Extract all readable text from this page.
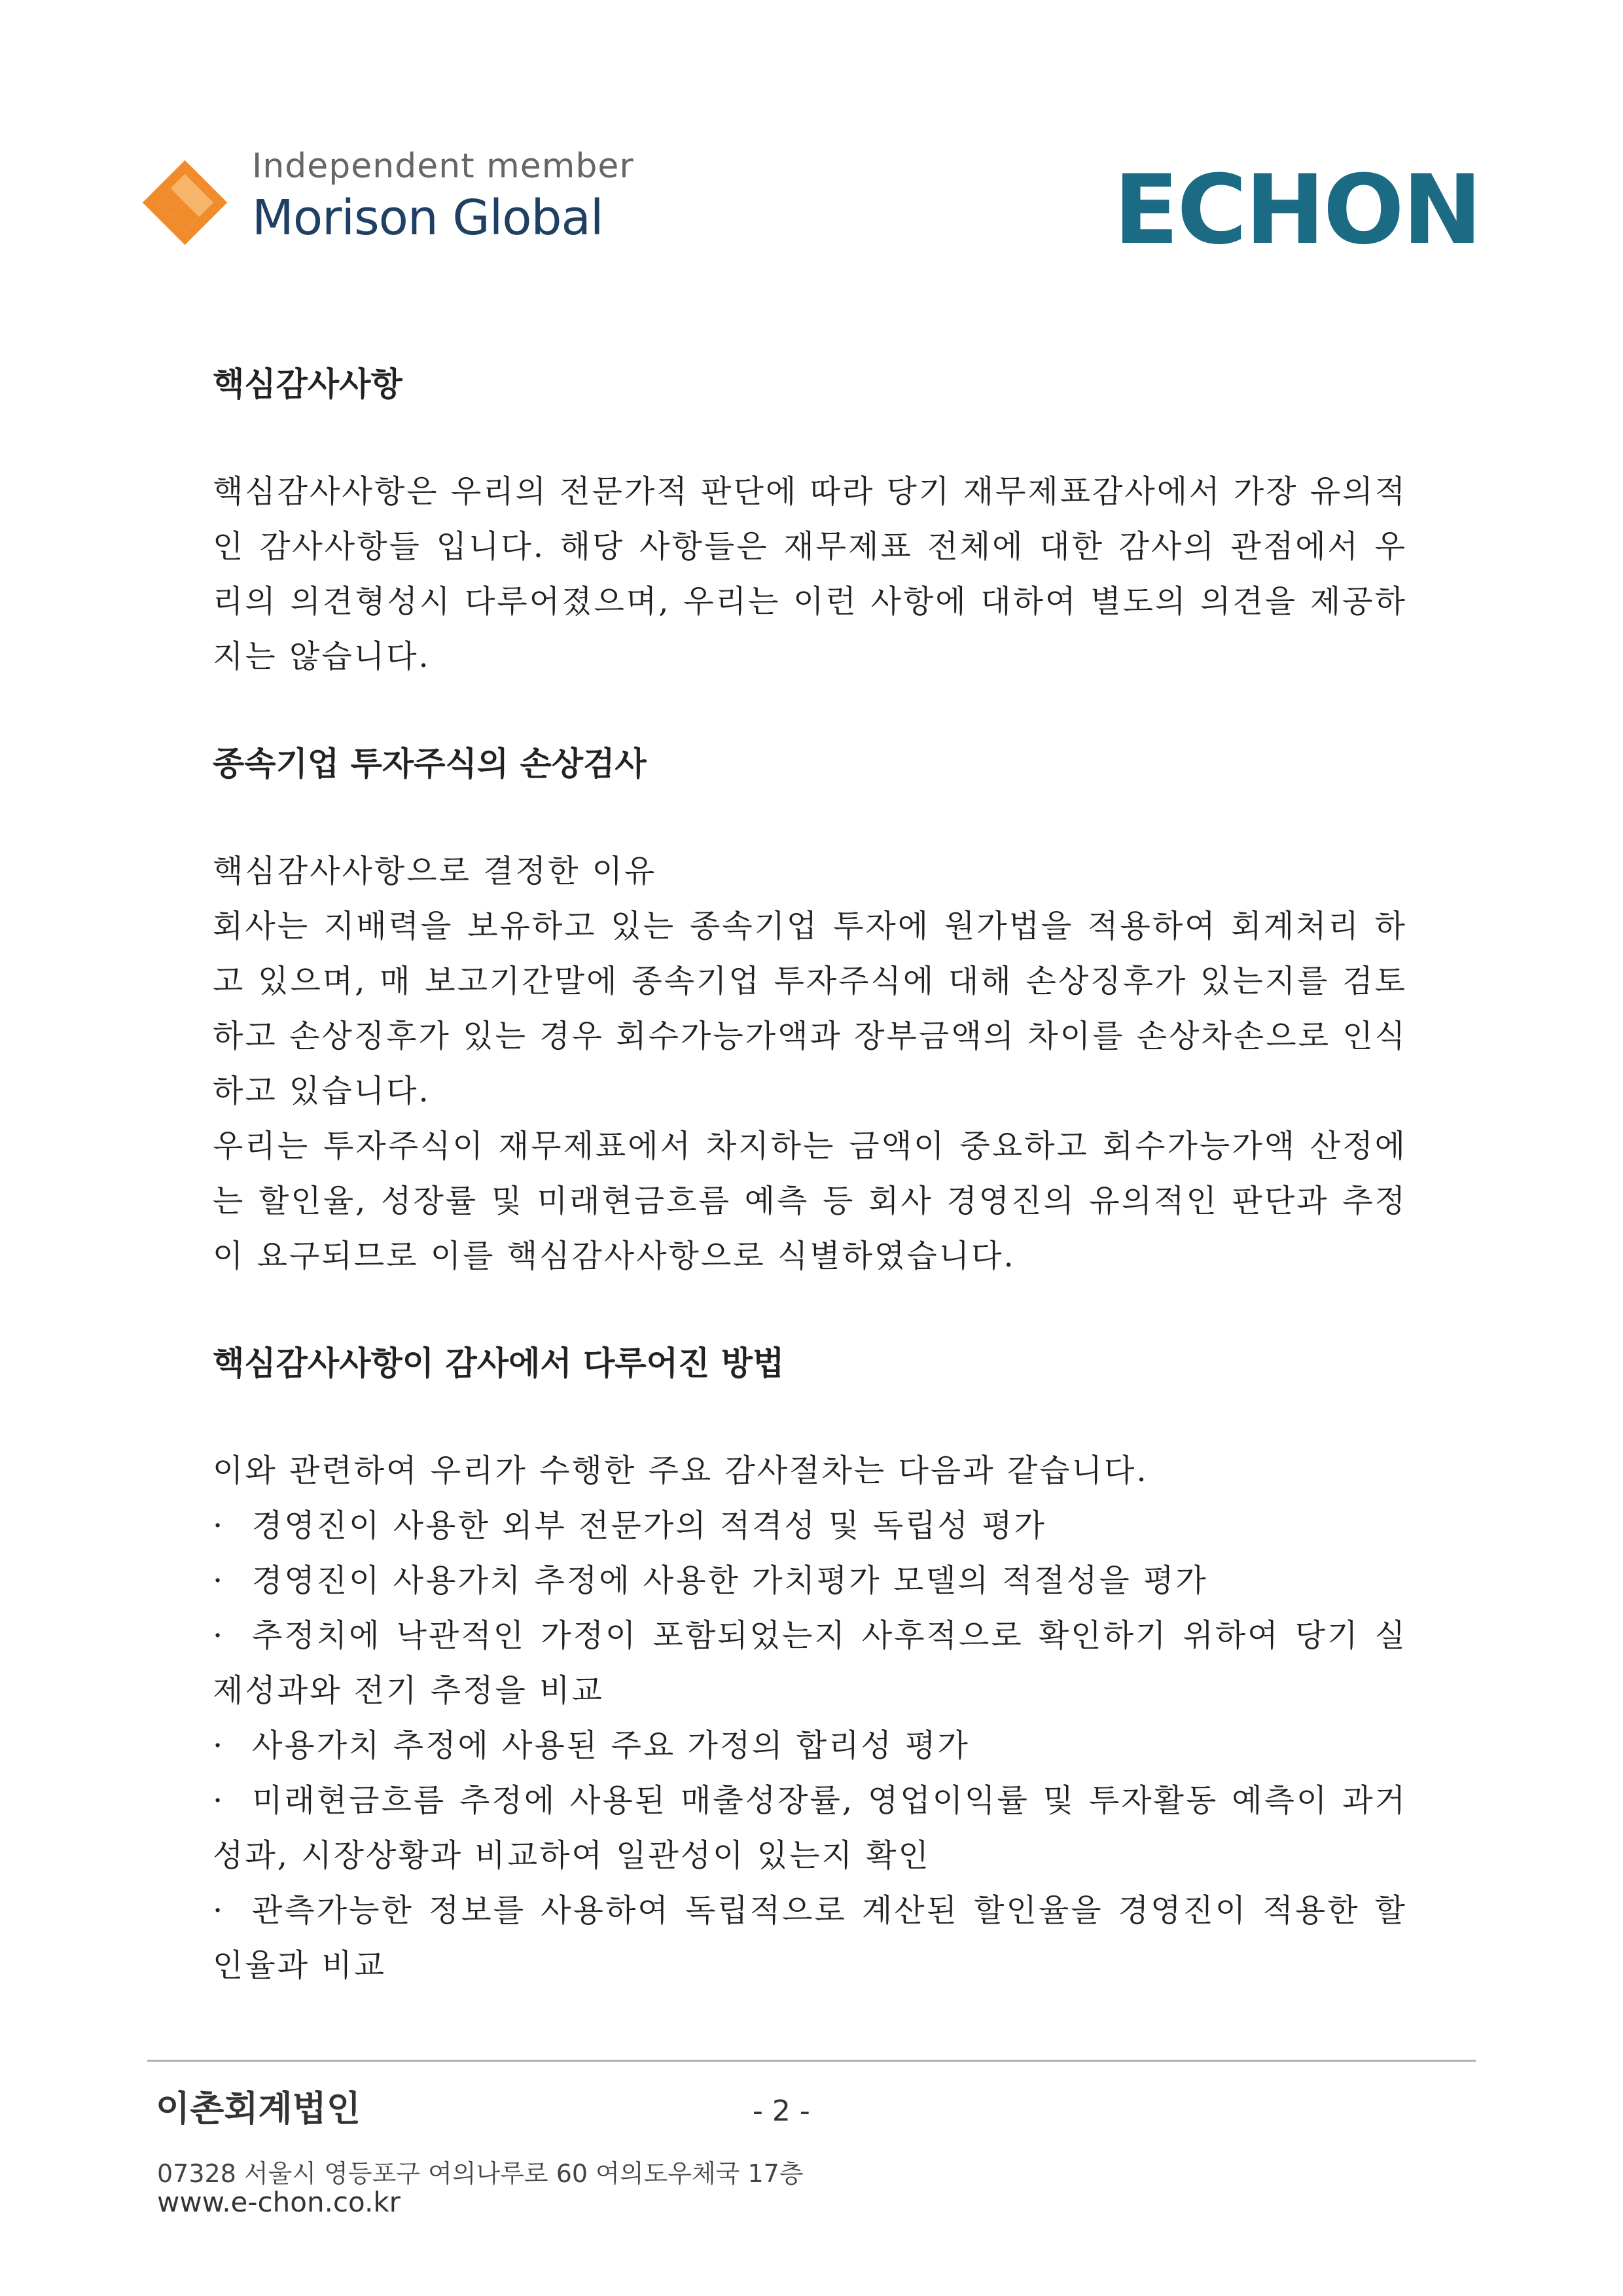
Independent member
Morison Global	ECHON

핵심감사사항

핵심감사사항은 우리의 전문가적 판단에 따라 당기 재무제표감사에서 가장 유의적인 감사사항들 입니다. 해당 사항들은 재무제표 전체에 대한 감사의 관점에서 우리의 의견형성시 다루어졌으며, 우리는 이런 사항에 대하여 별도의 의견을 제공하지는 않습니다.

종속기업 투자주식의 손상검사

핵심감사사항으로 결정한 이유

회사는 지배력을 보유하고 있는 종속기업 투자에 원가법을 적용하여 회계처리 하고 있으며, 매 보고기간말에 종속기업 투자주식에 대해 손상징후가 있는지를 검토하고 손상징후가 있는 경우 회수가능가액과 장부금액의 차이를 손상차손으로 인식하고 있습니다.

우리는 투자주식이 재무제표에서 차지하는 금액이 중요하고 회수가능가액 산정에는 할인율, 성장률 및 미래현금흐름 예측 등 회사 경영진의 유의적인 판단과 추정이 요구되므로 이를 핵심감사사항으로 식별하였습니다.

핵심감사사항이 감사에서 다루어진 방법

이와 관련하여 우리가 수행한 주요 감사절차는 다음과 같습니다.

· 경영진이 사용한 외부 전문가의 적격성 및 독립성 평가

· 경영진이 사용가치 추정에 사용한 가치평가 모델의 적절성을 평가

· 추정치에 낙관적인 가정이 포함되었는지 사후적으로 확인하기 위하여 당기 실제성과와 전기 추정을 비교

· 사용가치 추정에 사용된 주요 가정의 합리성 평가

· 미래현금흐름 추정에 사용된 매출성장률, 영업이익률 및 투자활동 예측이 과거성과, 시장상황과 비교하여 일관성이 있는지 확인

· 관측가능한 정보를 사용하여 독립적으로 계산된 할인율을 경영진이 적용한 할인율과 비교

이촌회계법인	- 2 -
07328 서울시 영등포구 여의나루로 60 여의도우체국 17층
www.e-chon.co.kr
